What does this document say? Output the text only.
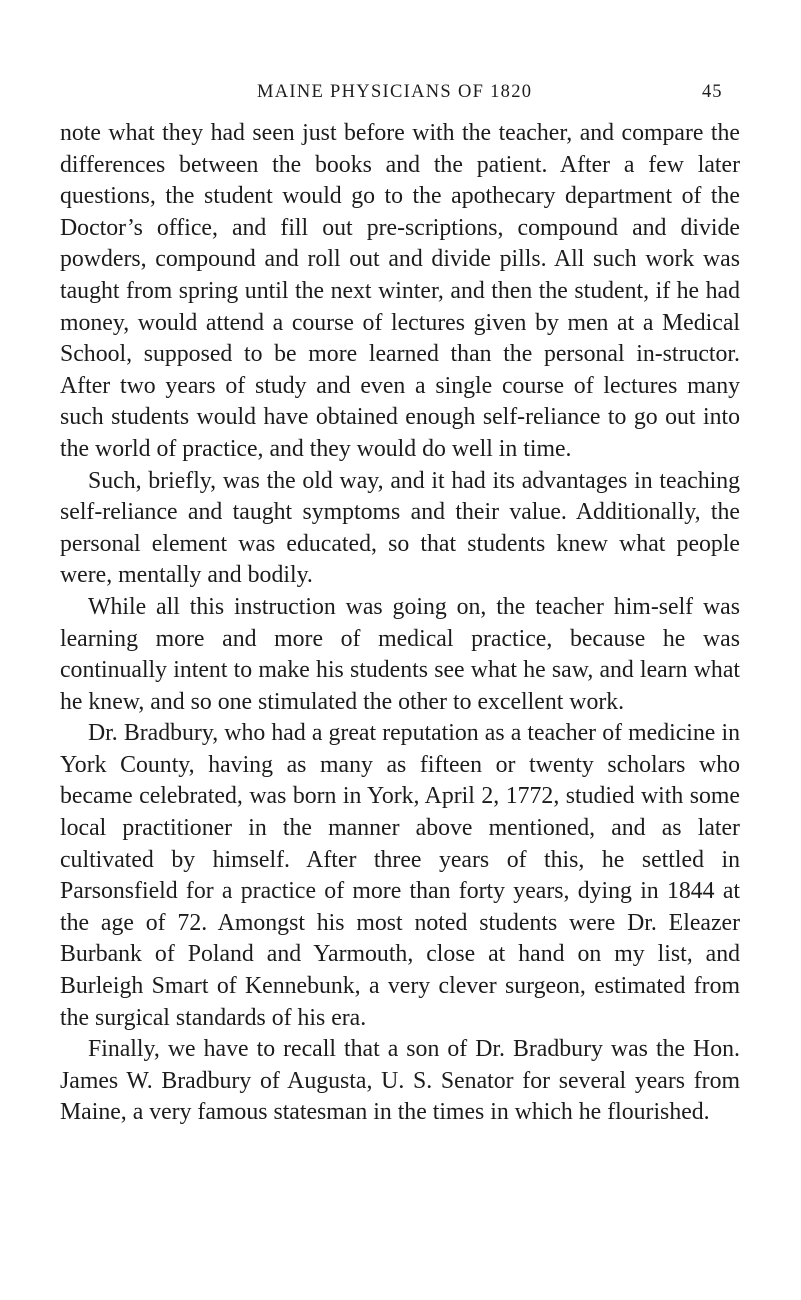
MAINE PHYSICIANS OF 1820	45

note what they had seen just before with the teacher, and compare the differences between the books and the patient. After a few later questions, the student would go to the apothecary department of the Doctor’s office, and fill out pre-scriptions, compound and divide powders, compound and roll out and divide pills. All such work was taught from spring until the next winter, and then the student, if he had money, would attend a course of lectures given by men at a Medical School, supposed to be more learned than the personal in-structor. After two years of study and even a single course of lectures many such students would have obtained enough self-reliance to go out into the world of practice, and they would do well in time.

Such, briefly, was the old way, and it had its advantages in teaching self-reliance and taught symptoms and their value. Additionally, the personal element was educated, so that students knew what people were, mentally and bodily.

While all this instruction was going on, the teacher him-self was learning more and more of medical practice, because he was continually intent to make his students see what he saw, and learn what he knew, and so one stimulated the other to excellent work.

Dr. Bradbury, who had a great reputation as a teacher of medicine in York County, having as many as fifteen or twenty scholars who became celebrated, was born in York, April 2, 1772, studied with some local practitioner in the manner above mentioned, and as later cultivated by himself. After three years of this, he settled in Parsonsfield for a practice of more than forty years, dying in 1844 at the age of 72. Amongst his most noted students were Dr. Eleazer Burbank of Poland and Yarmouth, close at hand on my list, and Burleigh Smart of Kennebunk, a very clever surgeon, estimated from the surgical standards of his era.

Finally, we have to recall that a son of Dr. Bradbury was the Hon. James W. Bradbury of Augusta, U. S. Senator for several years from Maine, a very famous statesman in the times in which he flourished.
